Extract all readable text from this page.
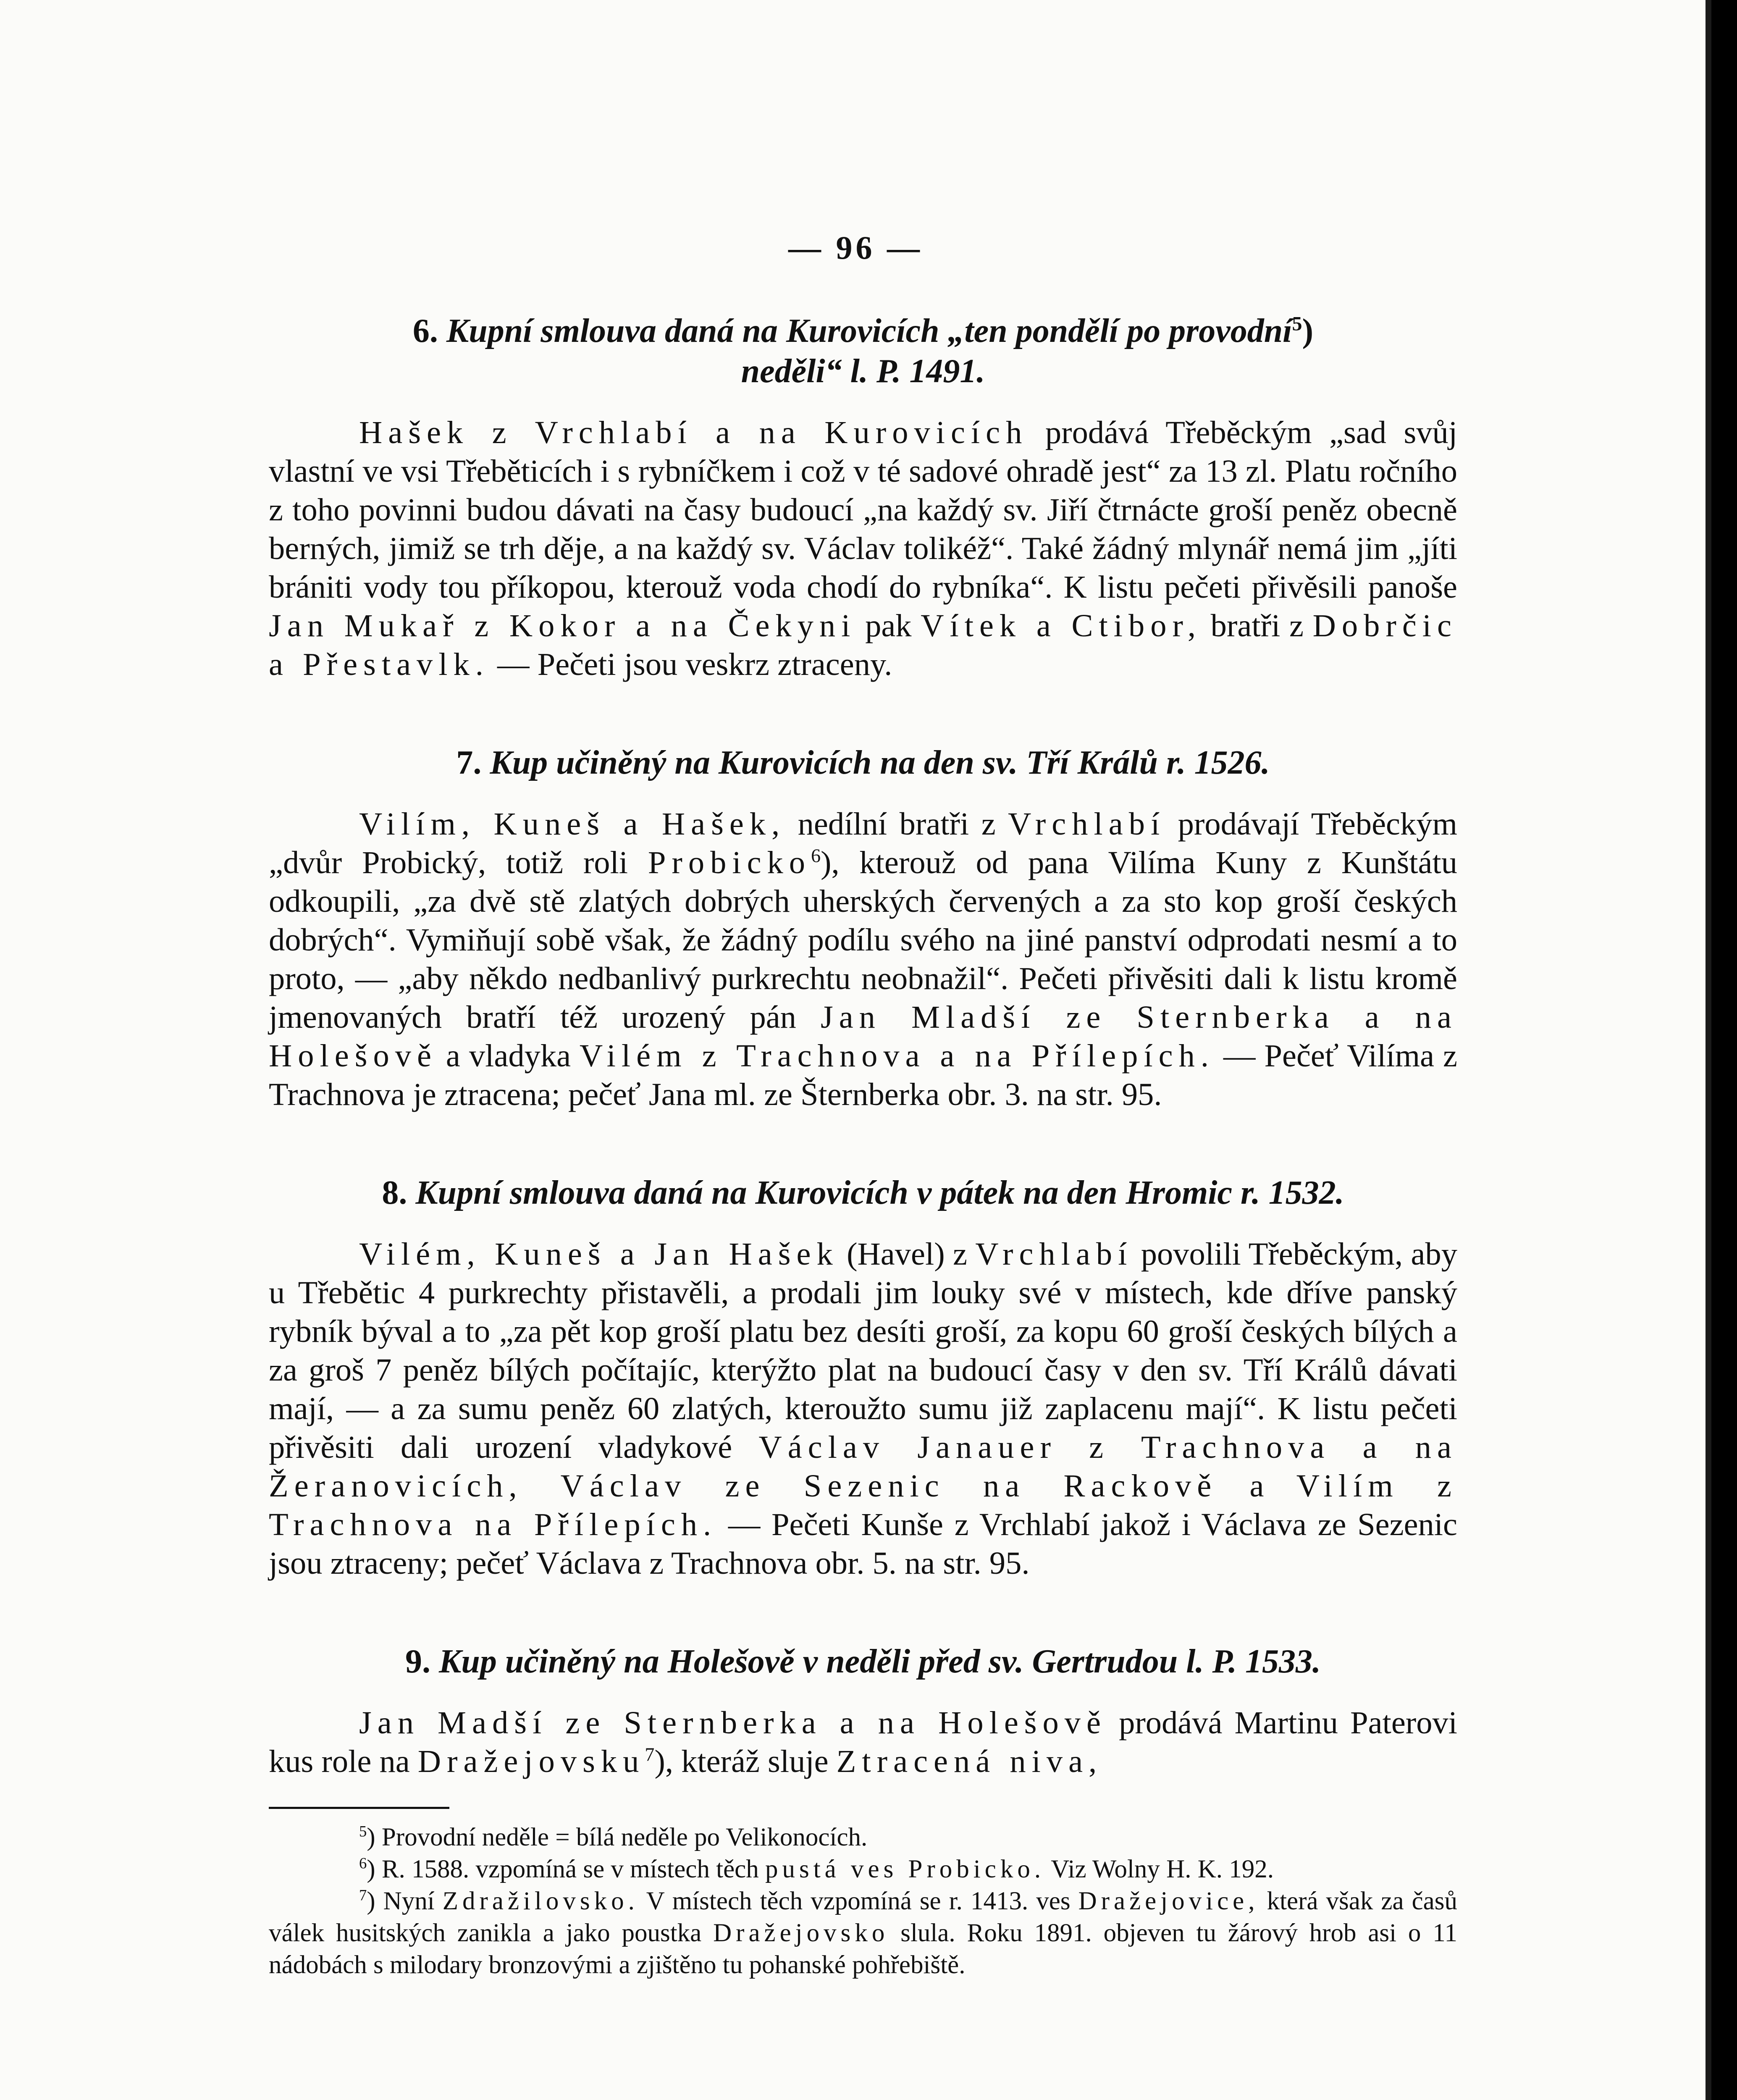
— 96 —
6. Kupní smlouva daná na Kurovicích „ten pondělí po provodní$^5$)
neděli“ l. P. 1491.

Hašek z Vrchlabí a na Kurovicích prodává Třeběckým „sad svůj vlastní ve vsi Třeběticích i s rybníčkem i což v té sadové ohradě jest“ za 13 zl. Platu ročního z toho povinni budou dávati na časy budoucí „na každý sv. Jiří čtrnácte groší peněz obecně berných, jimiž se trh děje, a na každý sv. Václav tolikéž“. Také žádný mlynář nemá jim „jíti brániti vody tou příkopou, kterouž voda chodí do rybníka“. K listu pečeti přivěsili panoše Jan Mukař z Kokor a na Čekyni pak Vítek a Ctibor, bratři z Dobrčic a Přestavlk. — Pečeti jsou veskrz ztraceny.

7. Kup učiněný na Kurovicích na den sv. Tří Králů r. 1526.

Vilím, Kuneš a Hašek, nedílní bratři z Vrchlabí prodávají Třeběckým „dvůr Probický, totiž roli Probicko$^6$), kterouž od pana Vilíma Kuny z Kunštátu odkoupili, „za dvě stě zlatých dobrých uherských červených a za sto kop groší českých dobrých“. Vymiňují sobě však, že žádný podílu svého na jiné panství odprodati nesmí a to proto, — „aby někdo nedbanlivý purkrechtu neobnažil“. Pečeti přivěsiti dali k listu kromě jmenovaných bratří též urozený pán Jan Mladší ze Sternberka a na Holešově a vladyka Vilém z Trachnova a na Přílepích. — Pečeť Vilíma z Trachnova je ztracena; pečeť Jana ml. ze Šternberka obr. 3. na str. 95.

8. Kupní smlouva daná na Kurovicích v pátek na den Hromic r. 1532.

Vilém, Kuneš a Jan Hašek (Havel) z Vrchlabí povolili Třeběckým, aby u Třebětic 4 purkrechty přistavěli, a prodali jim louky své v místech, kde dříve panský rybník býval a to „za pět kop groší platu bez desíti groší, za kopu 60 groší českých bílých a za groš 7 peněz bílých počítajíc, kterýžto plat na budoucí časy v den sv. Tří Králů dávati mají, — a za sumu peněz 60 zlatých, kteroužto sumu již zaplacenu mají“. K listu pečeti přivěsiti dali urození vladykové Václav Janauer z Trachnova a na Žeranovicích, Václav ze Sezenic na Rackově a Vilím z Trachnova na Přílepích. — Pečeti Kunše z Vrchlabí jakož i Václava ze Sezenic jsou ztraceny; pečeť Václava z Trachnova obr. 5. na str. 95.

9. Kup učiněný na Holešově v neděli před sv. Gertrudou l. P. 1533.

Jan Madší ze Sternberka a na Holešově prodává Martinu Paterovi kus role na Dražejovsku$^7$), kteráž sluje Ztracená niva,

$^5$) Provodní neděle = bílá neděle po Velikonocích.

$^6$) R. 1588. vzpomíná se v místech těch pustá ves Probicko. Viz Wolny H. K. 192.

$^7$) Nyní Zdražilovsko. V místech těch vzpomíná se r. 1413. ves Dražejovice, která však za časů válek husitských zanikla a jako poustka Dražejovsko slula. Roku 1891. objeven tu žárový hrob asi o 11 nádobách s milodary bronzovými a zjištěno tu pohanské pohřebiště.
